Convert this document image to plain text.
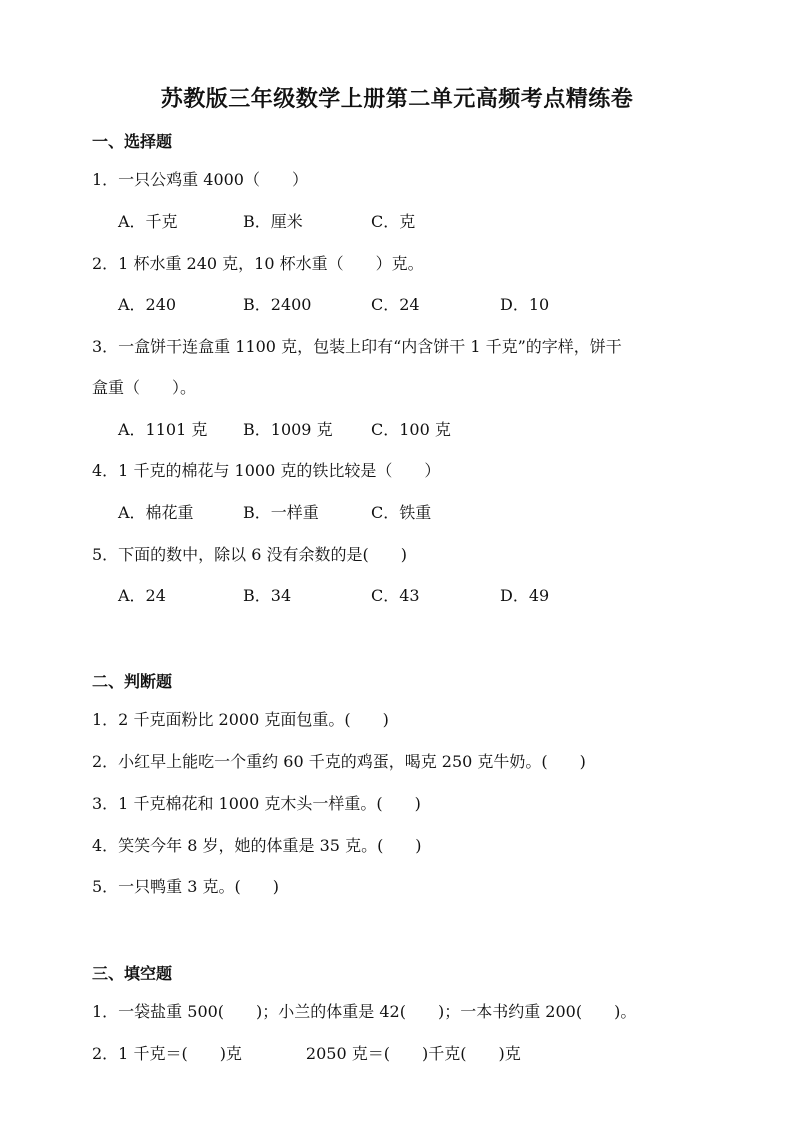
苏教版三年级数学上册第二单元高频考点精练卷
一、选择题
1．一只公鸡重 4000（　　）
A．千克	B．厘米	C．克
2．1 杯水重 240 克，10 杯水重（　　）克。
A．240	B．2400	C．24	D．10
3．一盒饼干连盒重 1100 克，包装上印有“内含饼干 1 千克”的字样，饼干
盒重（　　）。
A．1101 克 B．1009 克 C．100 克
4．1 千克的棉花与 1000 克的铁比较是（　　）
A．棉花重	B．一样重	C．铁重
5．下面的数中，除以 6 没有余数的是(　　)
A．24	B．34	C．43	D．49
二、判断题
1．2 千克面粉比 2000 克面包重。(　　)
2．小红早上能吃一个重约 60 千克的鸡蛋，喝克 250 克牛奶。(　　)
3．1 千克棉花和 1000 克木头一样重。(　　)
4．笑笑今年 8 岁，她的体重是 35 克。(　　)
5．一只鸭重 3 克。(　　)
三、填空题
1．一袋盐重 500(　　)；小兰的体重是 42(　　)；一本书约重 200(　　)。
2．1 千克＝(　　)克　　　　2050 克＝(　　)千克(　　)克
